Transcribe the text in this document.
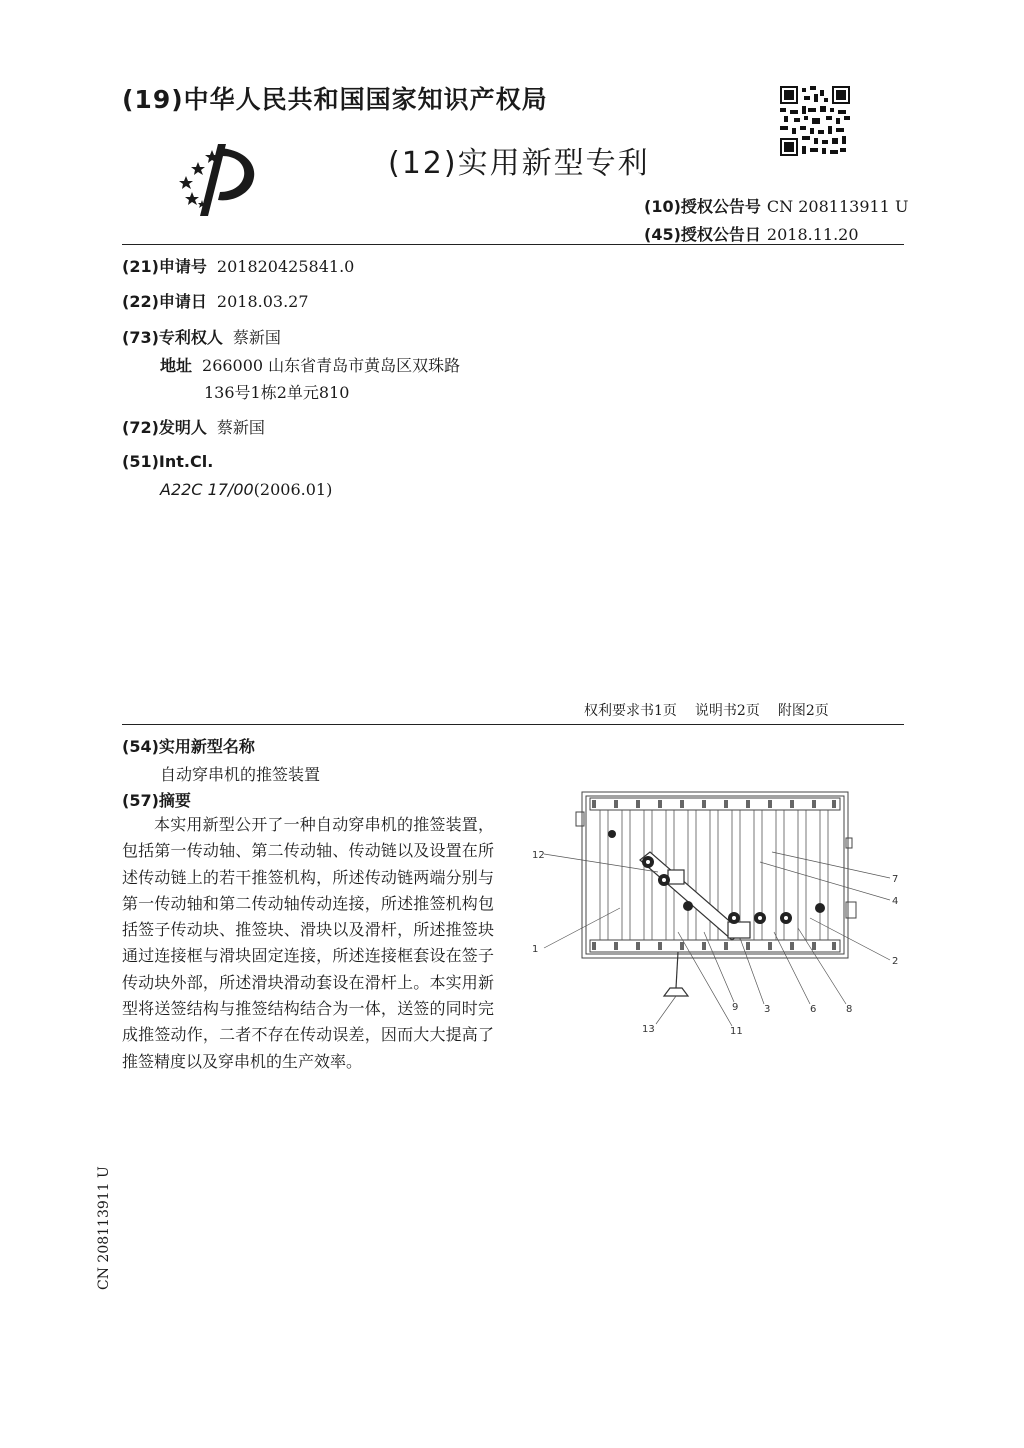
(19)中华人民共和国国家知识产权局
(12)实用新型专利
(10)授权公告号 CN 208113911 U
(45)授权公告日 2018.11.20
(21)申请号 201820425841.0
(22)申请日 2018.03.27
(73)专利权人 蔡新国
地址 266000 山东省青岛市黄岛区双珠路
136号1栋2单元810
(72)发明人 蔡新国
(51)Int.Cl.
A22C 17/00(2006.01)
权利要求书1页 说明书2页 附图2页
(54)实用新型名称
自动穿串机的推签装置
(57)摘要
本实用新型公开了一种自动穿串机的推签装置，包括第一传动轴、第二传动轴、传动链以及设置在所述传动链上的若干推签机构，所述传动链两端分别与第一传动轴和第二传动轴传动连接，所述推签机构包括签子传动块、推签块、滑块以及滑杆，所述推签块通过连接框与滑块固定连接，所述连接框套设在签子传动块外部，所述滑块滑动套设在滑杆上。本实用新型将送签结构与推签结构结合为一体，送签的同时完成推签动作，二者不存在传动误差，因而大大提高了推签精度以及穿串机的生产效率。
CN 208113911 U
12
1
2
3
4
6
7
8
9
11
13
